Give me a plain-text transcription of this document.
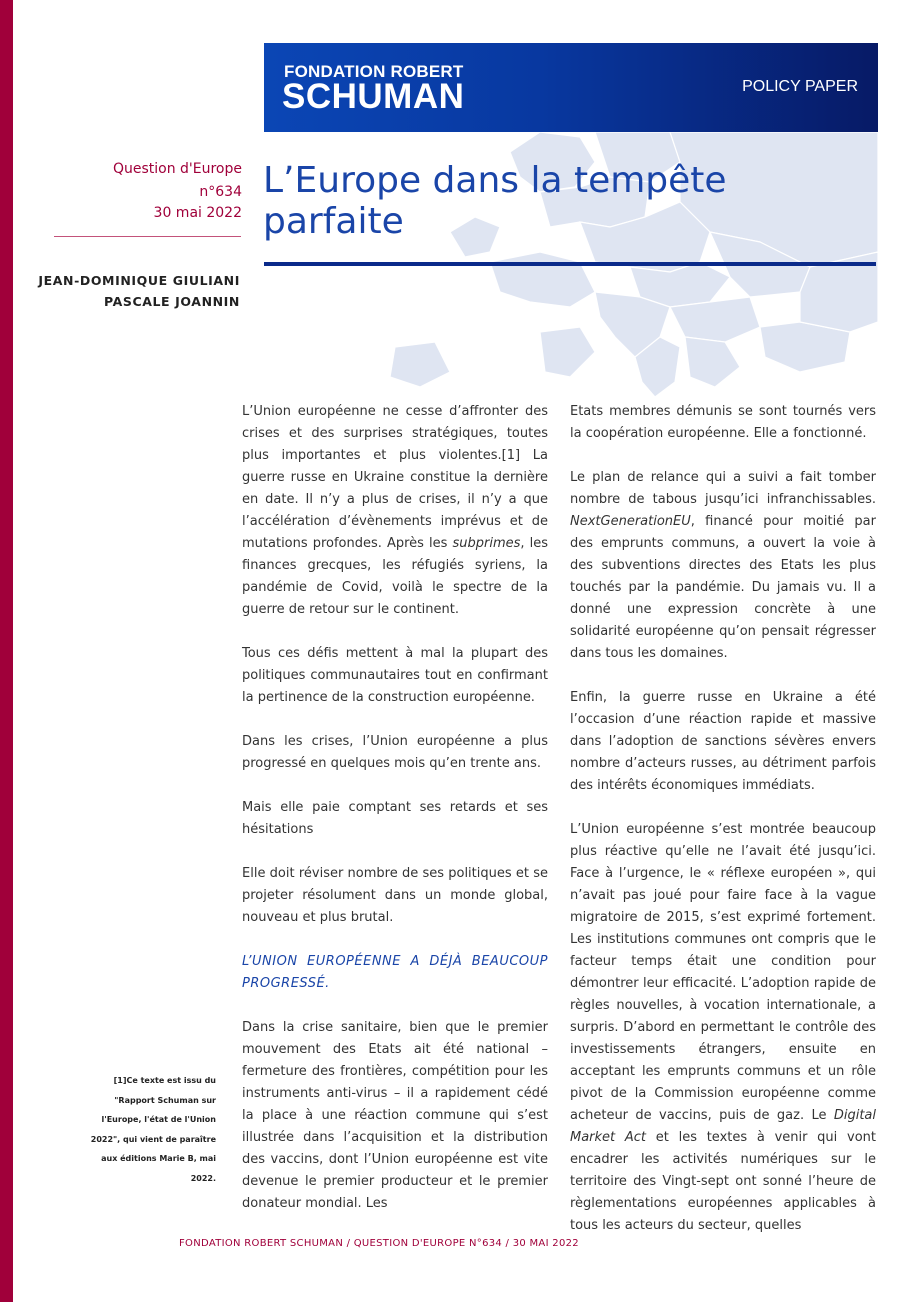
FONDATION ROBERT
SCHUMAN	POLICY PAPER
Question d'Europe
n°634
30 mai 2022
JEAN-DOMINIQUE GIULIANI
PASCALE JOANNIN
L’Europe dans la tempête
parfaite

L’Union européenne ne cesse d’affronter des crises et des surprises stratégiques, toutes plus importantes et plus violentes.[1] La guerre russe en Ukraine constitue la dernière en date. Il n’y a plus de crises, il n’y a que l’accélération d’évènements imprévus et de mutations profondes. Après les subprimes, les finances grecques, les réfugiés syriens, la pandémie de Covid, voilà le spectre de la guerre de retour sur le continent.

Tous ces défis mettent à mal la plupart des politiques communautaires tout en confirmant la pertinence de la construction européenne.

Dans les crises, l’Union européenne a plus progressé en quelques mois qu’en trente ans.

Mais elle paie comptant ses retards et ses hésitations

Elle doit réviser nombre de ses politiques et se projeter résolument dans un monde global, nouveau et plus brutal.

L’UNION EUROPÉENNE A DÉJÀ BEAUCOUP PROGRESSÉ.

Dans la crise sanitaire, bien que le premier mouvement des Etats ait été national – fermeture des frontières, compétition pour les instruments anti-virus – il a rapidement cédé la place à une réaction commune qui s’est illustrée dans l’acquisition et la distribution des vaccins, dont l’Union européenne est vite devenue le premier producteur et le premier donateur mondial. Les

Etats membres démunis se sont tournés vers la coopération européenne. Elle a fonctionné.

Le plan de relance qui a suivi a fait tomber nombre de tabous jusqu’ici infranchissables. NextGenerationEU, financé pour moitié par des emprunts communs, a ouvert la voie à des subventions directes des Etats les plus touchés par la pandémie. Du jamais vu. Il a donné une expression concrète à une solidarité européenne qu’on pensait régresser dans tous les domaines.

Enfin, la guerre russe en Ukraine a été l’occasion d’une réaction rapide et massive dans l’adoption de sanctions sévères envers nombre d’acteurs russes, au détriment parfois des intérêts économiques immédiats.

L’Union européenne s’est montrée beaucoup plus réactive qu’elle ne l’avait été jusqu’ici. Face à l’urgence, le « réflexe européen », qui n’avait pas joué pour faire face à la vague migratoire de 2015, s’est exprimé fortement. Les institutions communes ont compris que le facteur temps était une condition pour démontrer leur efficacité. L’adoption rapide de règles nouvelles, à vocation internationale, a surpris. D’abord en permettant le contrôle des investissements étrangers, ensuite en acceptant les emprunts communs et un rôle pivot de la Commission européenne comme acheteur de vaccins, puis de gaz. Le Digital Market Act et les textes à venir qui vont encadrer les activités numériques sur le territoire des Vingt-sept ont sonné l’heure de règlementations européennes applicables à tous les acteurs du secteur, quelles

[1]Ce texte est issu du "Rapport Schuman sur l'Europe, l'état de l'Union 2022", qui vient de paraître aux éditions Marie B, mai 2022.
FONDATION ROBERT SCHUMAN / QUESTION D'EUROPE N°634 / 30 MAI 2022
